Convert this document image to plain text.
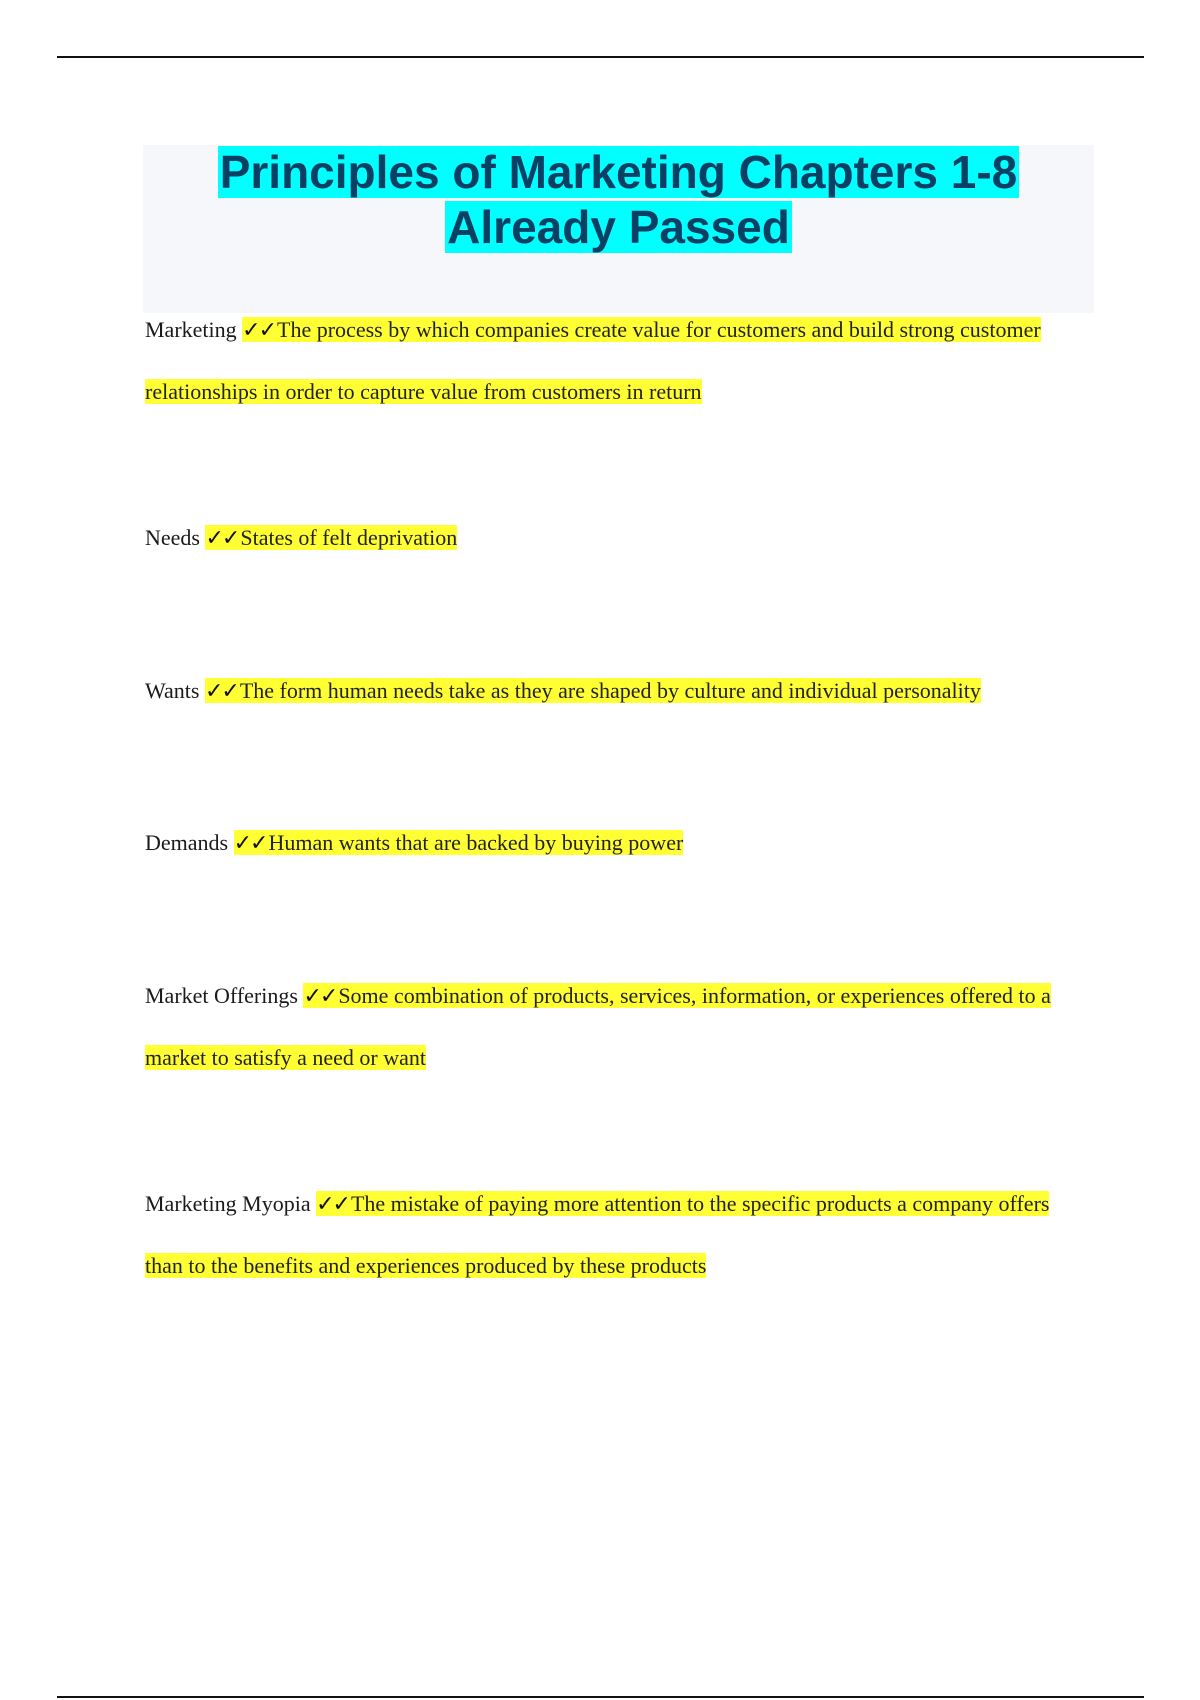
Principles of Marketing Chapters 1-8
Already Passed
Marketing ✓✓The process by which companies create value for customers and build strong customer relationships in order to capture value from customers in return
Needs ✓✓States of felt deprivation
Wants ✓✓The form human needs take as they are shaped by culture and individual personality
Demands ✓✓Human wants that are backed by buying power
Market Offerings ✓✓Some combination of products, services, information, or experiences offered to a market to satisfy a need or want
Marketing Myopia ✓✓The mistake of paying more attention to the specific products a company offers than to the benefits and experiences produced by these products
